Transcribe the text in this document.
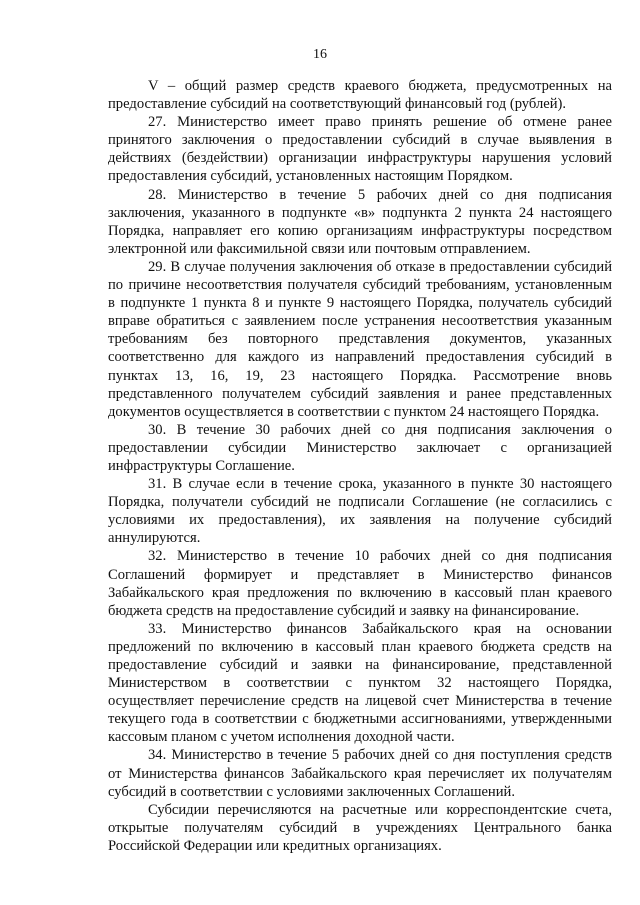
16

V – общий размер средств краевого бюджета, предусмотренных на предоставление субсидий на соответствующий финансовый год (рублей).

27. Министерство имеет право принять решение об отмене ранее принятого заключения о предоставлении субсидий в случае выявления в действиях (бездействии) организации инфраструктуры нарушения условий предоставления субсидий, установленных настоящим Порядком.

28. Министерство в течение 5 рабочих дней со дня подписания заключения, указанного в подпункте «в» подпункта 2 пункта 24 настоящего Порядка, направляет его копию организациям инфраструктуры посредством электронной или факсимильной связи или почтовым отправлением.

29. В случае получения заключения об отказе в предоставлении субсидий по причине несоответствия получателя субсидий требованиям, установленным в подпункте 1 пункта 8 и пункте 9 настоящего Порядка, получатель субсидий вправе обратиться с заявлением после устранения несоответствия указанным требованиям без повторного представления документов, указанных соответственно для каждого из направлений предоставления субсидий в пунктах 13, 16, 19, 23 настоящего Порядка. Рассмотрение вновь представленного получателем субсидий заявления и ранее представленных документов осуществляется в соответствии с пунктом 24 настоящего Порядка.

30. В течение 30 рабочих дней со дня подписания заключения о предоставлении субсидии Министерство заключает с организацией инфраструктуры Соглашение.

31. В случае если в течение срока, указанного в пункте 30 настоящего Порядка, получатели субсидий не подписали Соглашение (не согласились с условиями их предоставления), их заявления на получение субсидий аннулируются.

32. Министерство в течение 10 рабочих дней со дня подписания Соглашений формирует и представляет в Министерство финансов Забайкальского края предложения по включению в кассовый план краевого бюджета средств на предоставление субсидий и заявку на финансирование.

33. Министерство финансов Забайкальского края на основании предложений по включению в кассовый план краевого бюджета средств на предоставление субсидий и заявки на финансирование, представленной Министерством в соответствии с пунктом 32 настоящего Порядка, осуществляет перечисление средств на лицевой счет Министерства в течение текущего года в соответствии с бюджетными ассигнованиями, утвержденными кассовым планом с учетом исполнения доходной части.

34. Министерство в течение 5 рабочих дней со дня поступления средств от Министерства финансов Забайкальского края перечисляет их получателям субсидий в соответствии с условиями заключенных Соглашений.

Субсидии перечисляются на расчетные или корреспондентские счета, открытые получателям субсидий в учреждениях Центрального банка Российской Федерации или кредитных организациях.
